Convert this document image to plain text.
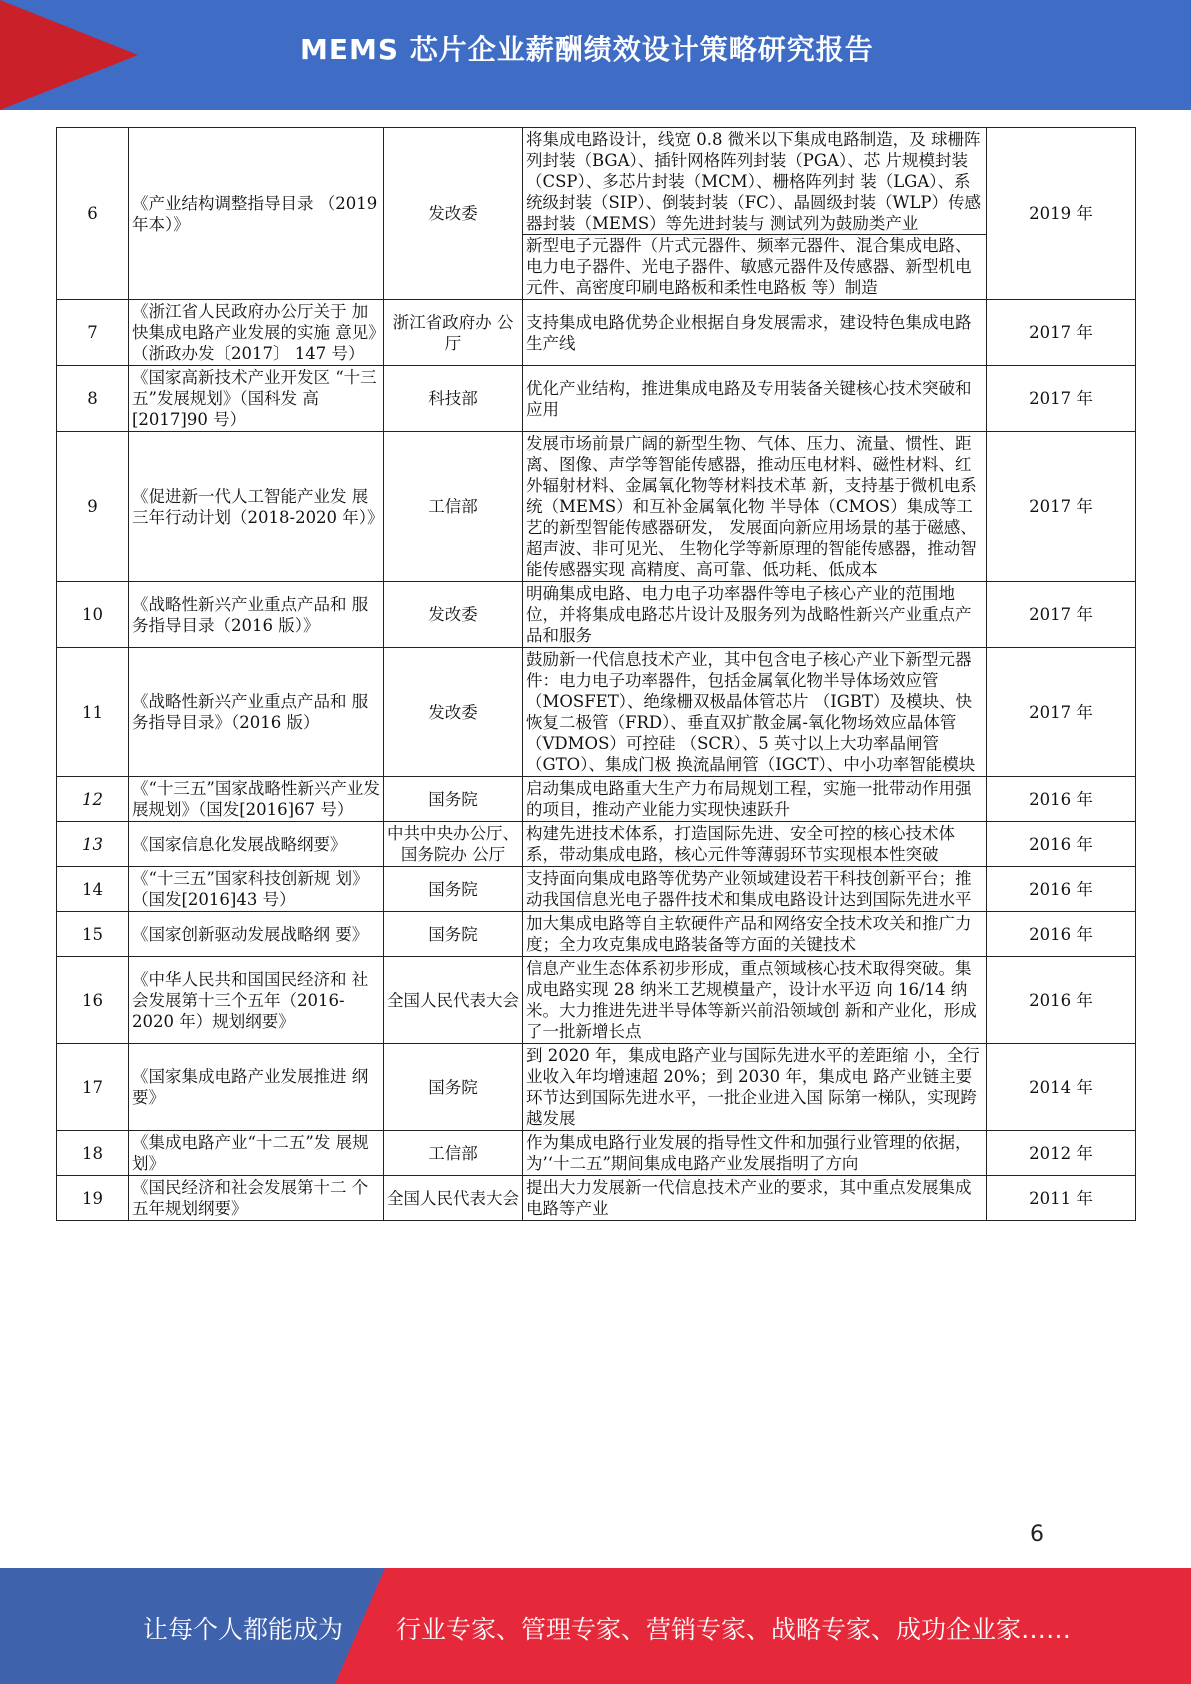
MEMS 芯片企业薪酬绩效设计策略研究报告
6	《产业结构调整指导目录 （2019 年本）》	发改委	将集成电路设计，线宽 0.8 微米以下集成电路制造，及 球栅阵列封装（BGA）、插针网格阵列封装（PGA）、芯 片规模封装（CSP）、多芯片封装（MCM）、栅格阵列封 装（LGA）、系统级封装（SIP）、倒装封装（FC）、晶圆级封装（WLP）传感器封装（MEMS）等先进封装与 测试列为鼓励类产业
新型电子元器件（片式元器件、频率元器件、混合集成电路、电力电子器件、光电子器件、敏感元器件及传感器、新型机电元件、高密度印刷电路板和柔性电路板 等）制造	2019 年
7	《浙江省人民政府办公厅关于 加快集成电路产业发展的实施 意见》（浙政办发〔2017〕 147 号）	浙江省政府办 公厅	支持集成电路优势企业根据自身发展需求，建设特色集成电路生产线	2017 年
8	《国家高新技术产业开发区 “十三五”发展规划》（国科发 高[2017]90 号）	科技部	优化产业结构，推进集成电路及专用装备关键核心技术突破和应用	2017 年
9	《促进新一代人工智能产业发 展三年行动计划（2018-2020 年）》	工信部	发展市场前景广阔的新型生物、气体、压力、流量、惯性、距离、图像、声学等智能传感器，推动压电材料、磁性材料、红外辐射材料、金属氧化物等材料技术革 新，支持基于微机电系统（MEMS）和互补金属氧化物 半导体（CMOS）集成等工艺的新型智能传感器研发， 发展面向新应用场景的基于磁感、超声波、非可见光、 生物化学等新原理的智能传感器，推动智能传感器实现 高精度、高可靠、低功耗、低成本	2017 年
10	《战略性新兴产业重点产品和 服务指导目录（2016 版）》	发改委	明确集成电路、电力电子功率器件等电子核心产业的范围地位，并将集成电路芯片设计及服务列为战略性新兴产业重点产品和服务	2017 年
11	《战略性新兴产业重点产品和 服务指导目录》（2016 版）	发改委	鼓励新一代信息技术产业，其中包含电子核心产业下新型元器件：电力电子功率器件，包括金属氧化物半导体场效应管（MOSFET）、绝缘栅双极晶体管芯片 （IGBT）及模块、快恢复二极管（FRD）、垂直双扩散金属-氧化物场效应晶体管（VDMOS）可控硅 （SCR）、5 英寸以上大功率晶闸管（GTO）、集成门极 换流晶闸管（IGCT）、中小功率智能模块	2017 年
12	《“十三五”国家战略性新兴产业发展规划》（国发[2016]67 号）	国务院	启动集成电路重大生产力布局规划工程，实施一批带动作用强的项目，推动产业能力实现快速跃升	2016 年
13	《国家信息化发展战略纲要》	中共中央办公厅、国务院办 公厅	构建先进技术体系，打造国际先进、安全可控的核心技术体系，带动集成电路，核心元件等薄弱环节实现根本性突破	2016 年
14	《“十三五”国家科技创新规 划》（国发[2016]43 号）	国务院	支持面向集成电路等优势产业领域建设若干科技创新平台；推动我国信息光电子器件技术和集成电路设计达到国际先进水平	2016 年
15	《国家创新驱动发展战略纲 要》	国务院	加大集成电路等自主软硬件产品和网络安全技术攻关和推广力度；全力攻克集成电路装备等方面的关键技术	2016 年
16	《中华人民共和国国民经济和 社会发展第十三个五年（2016- 2020 年）规划纲要》	全国人民代表大会	信息产业生态体系初步形成，重点领域核心技术取得突破。集成电路实现 28 纳米工艺规模量产，设计水平迈 向 16/14 纳米。大力推进先进半导体等新兴前沿领域创 新和产业化，形成了一批新增长点	2016 年
17	《国家集成电路产业发展推进 纲要》	国务院	到 2020 年，集成电路产业与国际先进水平的差距缩 小，全行业收入年均增速超 20%；到 2030 年，集成电 路产业链主要环节达到国际先进水平，一批企业进入国 际第一梯队，实现跨越发展	2014 年
18	《集成电路产业“十二五”发 展规划》	工信部	作为集成电路行业发展的指导性文件和加强行业管理的依据，为’‘十二五”期间集成电路产业发展指明了方向	2012 年
19	《国民经济和社会发展第十二 个五年规划纲要》	全国人民代表大会	提出大力发展新一代信息技术产业的要求，其中重点发展集成电路等产业	2011 年
6
让每个人都能成为 行业专家、管理专家、营销专家、战略专家、成功企业家……
